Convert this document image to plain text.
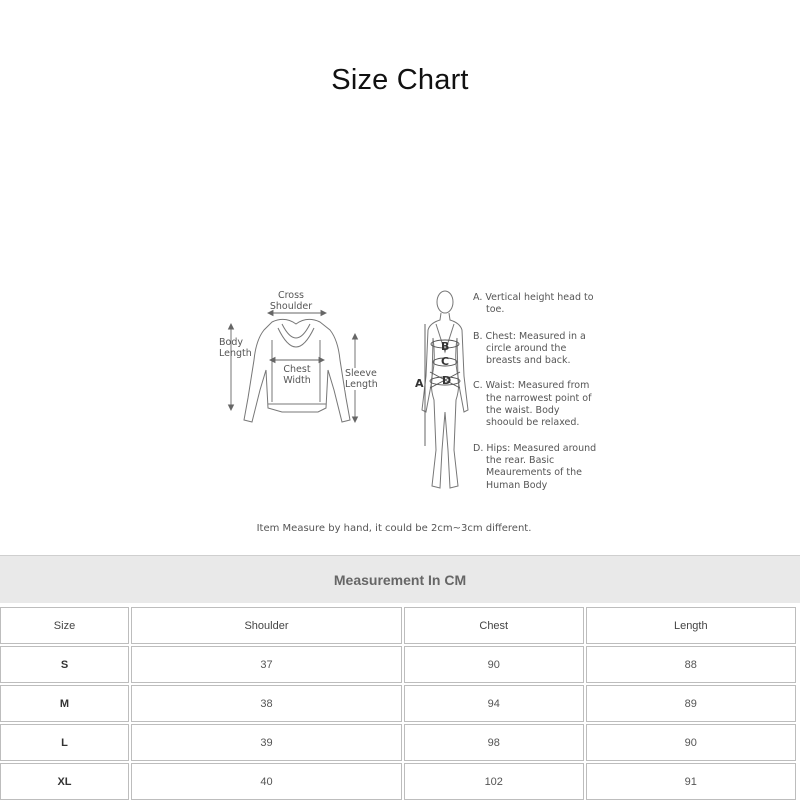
Size Chart
Cross
Shoulder
Body
Length
Chest
Width
Sleeve
Length
B
C
A D
A. Vertical height head to toe.
B. Chest: Measured in a circle around the breasts and back.
C. Waist: Measured from the narrowest point of the waist. Body shoould be relaxed.
D. Hips: Measured around the rear. Basic Meaurements of the Human Body
Item Measure by hand, it could be 2cm~3cm different.
Measurement In CM
Size	Shoulder	Chest	Length
S	37	90	88
M	38	94	89
L	39	98	90
XL	40	102	91
